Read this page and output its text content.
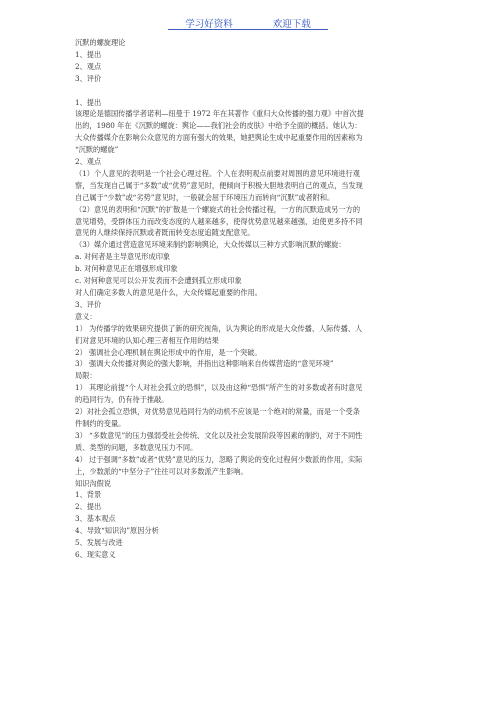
学习好资料	欢迎下载

沉默的螺旋理论

1、提出

2、观点

3、评价

1、提出

该理论是德国传播学者诺利—纽曼于 1972 年在其著作《重归大众传播的强力观》中首次提

出的，1980 年在《沉默的螺旋：舆论——我们社会的皮肤》中给予全面的概括。她认为：

大众传播媒介在影响公众意见的方面有强大的效果，她把舆论生成中起重要作用的因素称为

“沉默的螺旋”

2、观点

（1）个人意见的表明是一个社会心理过程。个人在表明观点前要对周围的意见环境进行观

察，当发现自己属于“多数”或“优势”意见时，便倾向于积极大胆地表明自己的观点，当发现

自己属于“少数”或“劣势”意见时，一般就会屈于环境压力而转向“沉默”或者附和。

（2）意见的表明和“沉默”的扩散是一个螺旋式的社会传播过程，一方的沉默造成另一方的

意见增势，受群体压力而改变态度的人越来越多，使得优势意见越来越强，迫使更多持不同

意见的人继续保持沉默或者既而转变态度追随支配意见。

（3）媒介通过营造意见环境来制约影响舆论，大众传媒以三种方式影响沉默的螺旋：

a. 对何者是主导意见形成印象

b. 对何种意见正在增强形成印象

c. 对何种意见可以公开发表而不会遭到孤立形成印象

对人们确定多数人的意见是什么，大众传媒起重要的作用。

3、评价

意义：

1） 为传播学的效果研究提供了新的研究视角，认为舆论的形成是大众传播、人际传播、人

们对意见环境的认知心理三者相互作用的结果

2） 强调社会心理机制在舆论形成中的作用，是一个突破。

3） 强调大众传播对舆论的强大影响，并指出这种影响来自传媒营造的“意见环境”

局限：

1） 其理论前提“个人对社会孤立的恐惧”，以及由这种“恐惧”所产生的对多数或者有时意见

的趋同行为，仍有待于推敲。

2）对社会孤立恐惧，对优势意见趋同行为的动机不应该是一个绝对的常量，而是一个受条

件制约的变量。

3） “多数意见”的压力强弱受社会传统、文化以及社会发展阶段等因素的制约，对于不同性

质、类型的问题，多数意见压力不同。

4） 过于强调“多数”或者“优势”意见的压力，忽略了舆论的变化过程何少数派的作用，实际

上，少数派的“中坚分子”往往可以对多数派产生影响。

知识沟假说

1、背景

2、提出

3、基本观点

4、导致“知识沟”原因分析

5、发展与改进

6、现实意义
